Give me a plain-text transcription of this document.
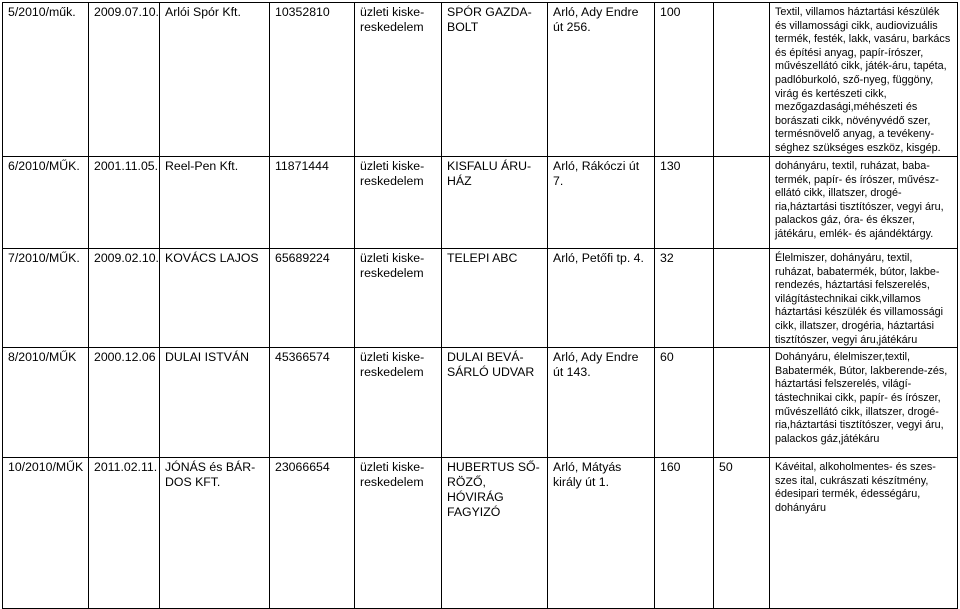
5/2010/műk.	2009.07.10.	Arlói Spór Kft.	10352810	üzleti kiske-reskedelem	SPÓR GAZDA-BOLT	Arló, Ady Endre út 256.	100		Textil, villamos háztartási készülék és villamossági cikk, audiovizuális termék, festék, lakk, vasáru, barkács és építési anyag, papír-írószer, művészellátó cikk, játék-áru, tapéta, padlóburkoló, sző-nyeg, függöny, virág és kertészeti cikk, mezőgazdasági,méhészeti és borászati cikk, növényvédő szer, termésnövelő anyag, a tevékeny-séghez szükséges eszköz, kisgép.
6/2010/MŰK.	2001.11.05.	Reel-Pen Kft.	11871444	üzleti kiske-reskedelem	KISFALU ÁRU-HÁZ	Arló, Rákóczi út 7.	130		dohányáru, textil, ruházat, baba-termék, papír- és írószer, művész-ellátó cikk, illatszer, drogé-ria,háztartási tisztítószer, vegyi áru, palackos gáz, óra- és ékszer, játékáru, emlék- és ajándéktárgy.
7/2010/MŰK.	2009.02.10.	KOVÁCS LAJOS	65689224	üzleti kiske-reskedelem	TELEPI ABC	Arló, Petőfi tp. 4.	32		Élelmiszer, dohányáru, textil, ruházat, babatermék, bútor, lakbe-rendezés, háztartási felszerelés, világítástechnikai cikk,villamos háztartási készülék és villamossági cikk, illatszer, drogéria, háztartási tisztítószer, vegyi áru,játékáru
8/2010/MŰK	2000.12.06	DULAI ISTVÁN	45366574	üzleti kiske-reskedelem	DULAI BEVÁ-SÁRLÓ UDVAR	Arló, Ady Endre út 143.	60		Dohányáru, élelmiszer,textil, Babatermék, Bútor, lakberende-zés, háztartási felszerelés, világí-tástechnikai cikk, papír- és írószer, művészellátó cikk, illatszer, drogé-ria,háztartási tisztítószer, vegyi áru, palackos gáz,játékáru
10/2010/MŰK	2011.02.11.	JÓNÁS és BÁR-DOS KFT.	23066654	üzleti kiske-reskedelem	HUBERTUS SŐ-RÖZŐ, HÓVIRÁG FAGYIZÓ	Arló, Mátyás király út 1.	160	50	Kávéital, alkoholmentes- és szes-szes ital, cukrászati készítmény, édesipari termék, édességáru, dohányáru
